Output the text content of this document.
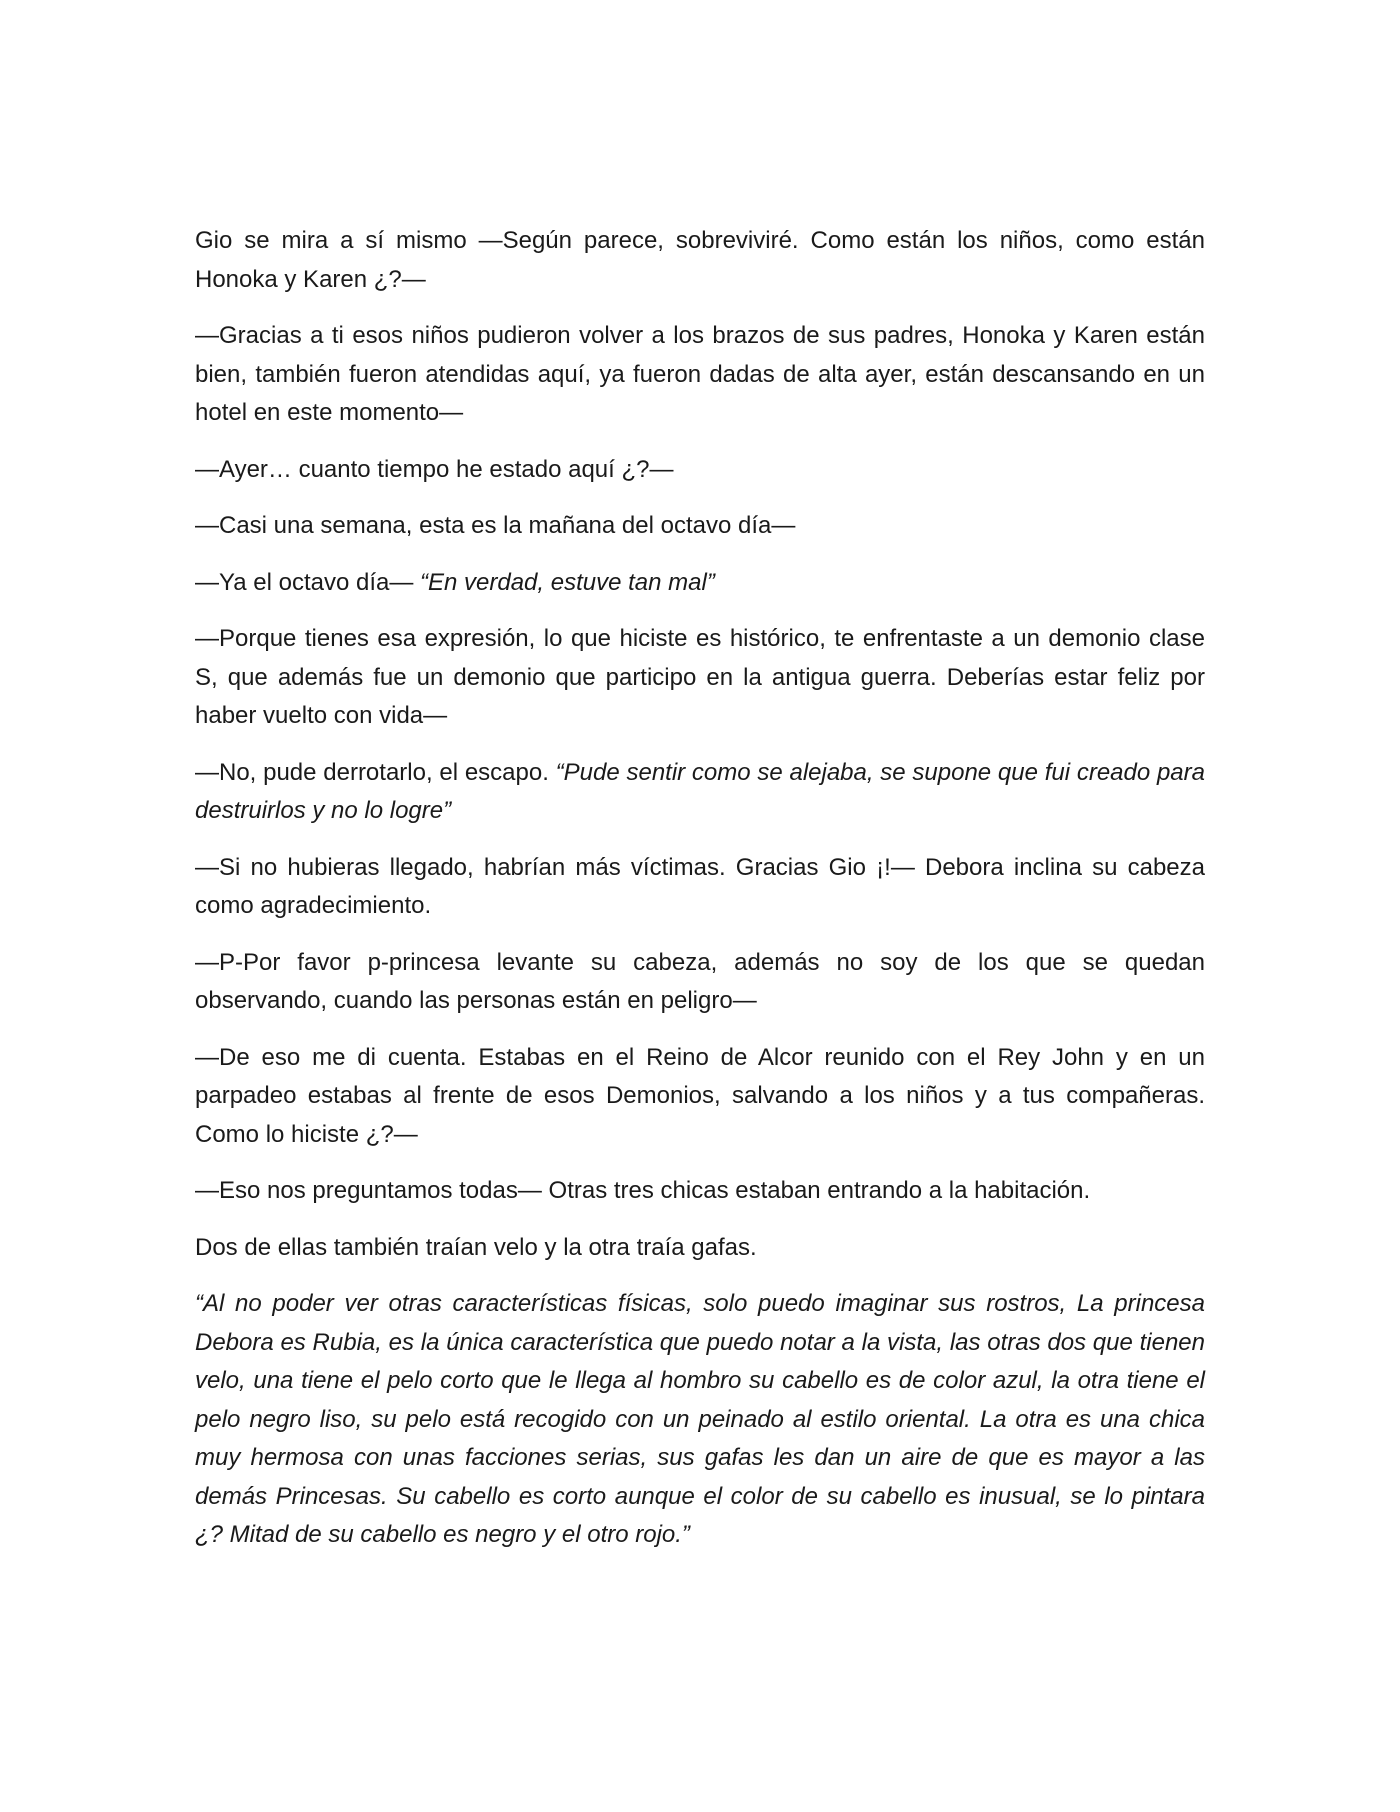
Gio se mira a sí mismo —Según parece, sobreviviré. Como están los niños, como están Honoka y Karen ¿?—

—Gracias a ti esos niños pudieron volver a los brazos de sus padres, Honoka y Karen están bien, también fueron atendidas aquí, ya fueron dadas de alta ayer, están descansando en un hotel en este momento—

—Ayer… cuanto tiempo he estado aquí ¿?—

—Casi una semana, esta es la mañana del octavo día—

—Ya el octavo día— “En verdad, estuve tan mal”

—Porque tienes esa expresión, lo que hiciste es histórico, te enfrentaste a un demonio clase S, que además fue un demonio que participo en la antigua guerra. Deberías estar feliz por haber vuelto con vida—

—No, pude derrotarlo, el escapo. “Pude sentir como se alejaba, se supone que fui creado para destruirlos y no lo logre”

—Si no hubieras llegado, habrían más víctimas. Gracias Gio ¡!— Debora inclina su cabeza como agradecimiento.

—P-Por favor p-princesa levante su cabeza, además no soy de los que se quedan observando, cuando las personas están en peligro—

—De eso me di cuenta. Estabas en el Reino de Alcor reunido con el Rey John y en un parpadeo estabas al frente de esos Demonios, salvando a los niños y a tus compañeras. Como lo hiciste ¿?—

—Eso nos preguntamos todas— Otras tres chicas estaban entrando a la habitación.

Dos de ellas también traían velo y la otra traía gafas.

“Al no poder ver otras características físicas, solo puedo imaginar sus rostros, La princesa Debora es Rubia, es la única característica que puedo notar a la vista, las otras dos que tienen velo, una tiene el pelo corto que le llega al hombro su cabello es de color azul, la otra tiene el pelo negro liso, su pelo está recogido con un peinado al estilo oriental. La otra es una chica muy hermosa con unas facciones serias, sus gafas les dan un aire de que es mayor a las demás Princesas. Su cabello es corto aunque el color de su cabello es inusual, se lo pintara ¿? Mitad de su cabello es negro y el otro rojo.”
